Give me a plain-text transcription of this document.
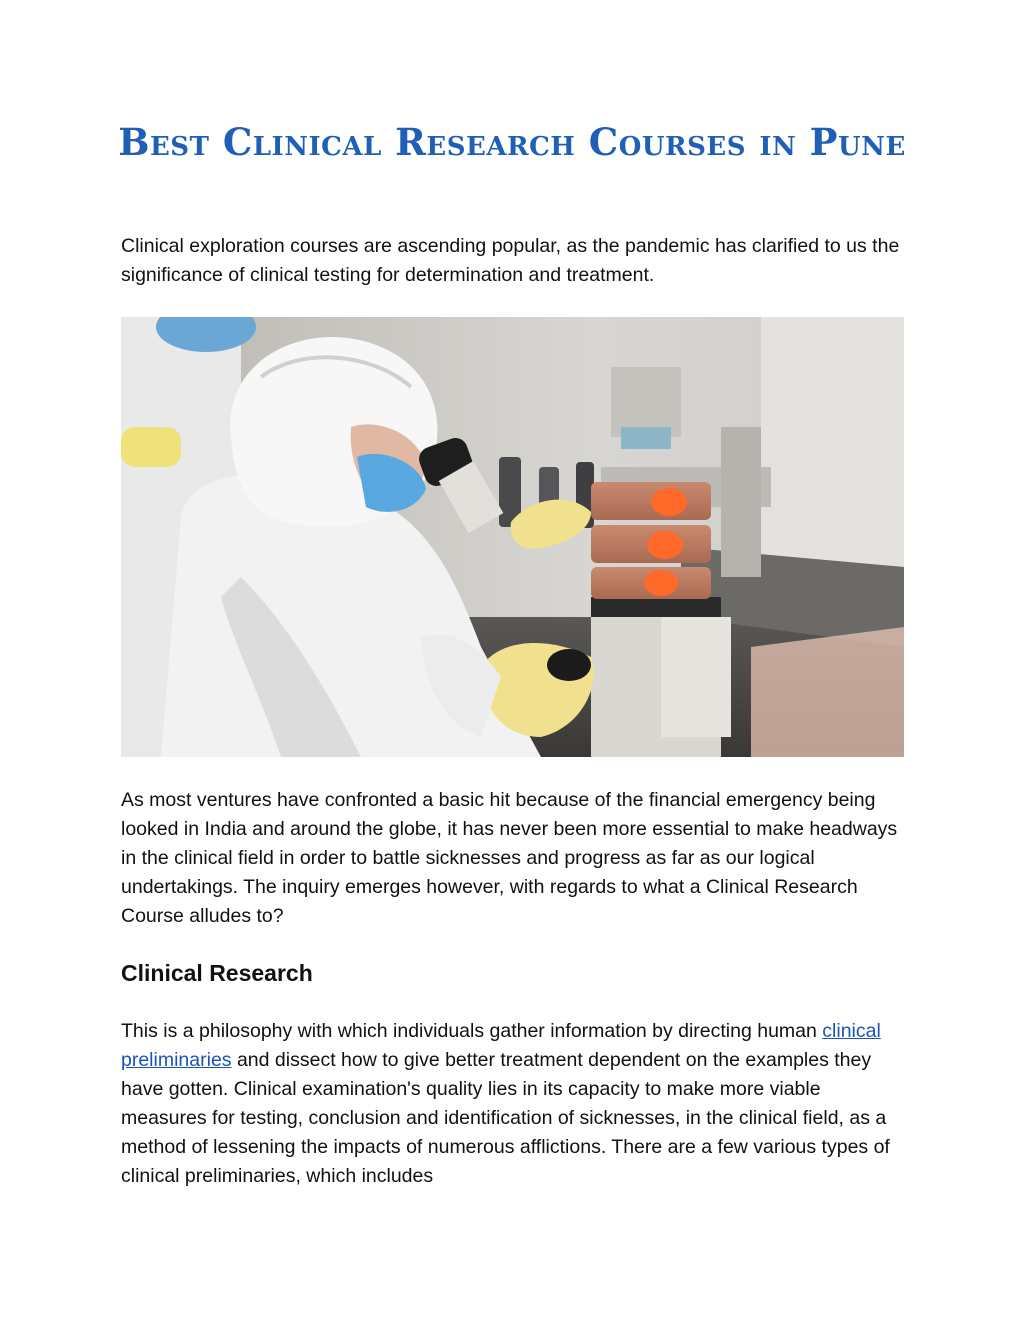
Best Clinical Research Courses in Pune

Clinical exploration courses are ascending popular, as the pandemic has clarified to us the significance of clinical testing for determination and treatment.

As most ventures have confronted a basic hit because of the financial emergency being looked in India and around the globe, it has never been more essential to make headways in the clinical field in order to battle sicknesses and progress as far as our logical undertakings. The inquiry emerges however, with regards to what a Clinical Research Course alludes to?

Clinical Research

This is a philosophy with which individuals gather information by directing human clinical preliminaries and dissect how to give better treatment dependent on the examples they have gotten. Clinical examination's quality lies in its capacity to make more viable measures for testing, conclusion and identification of sicknesses, in the clinical field, as a method of lessening the impacts of numerous afflictions. There are a few various types of clinical preliminaries, which includes
